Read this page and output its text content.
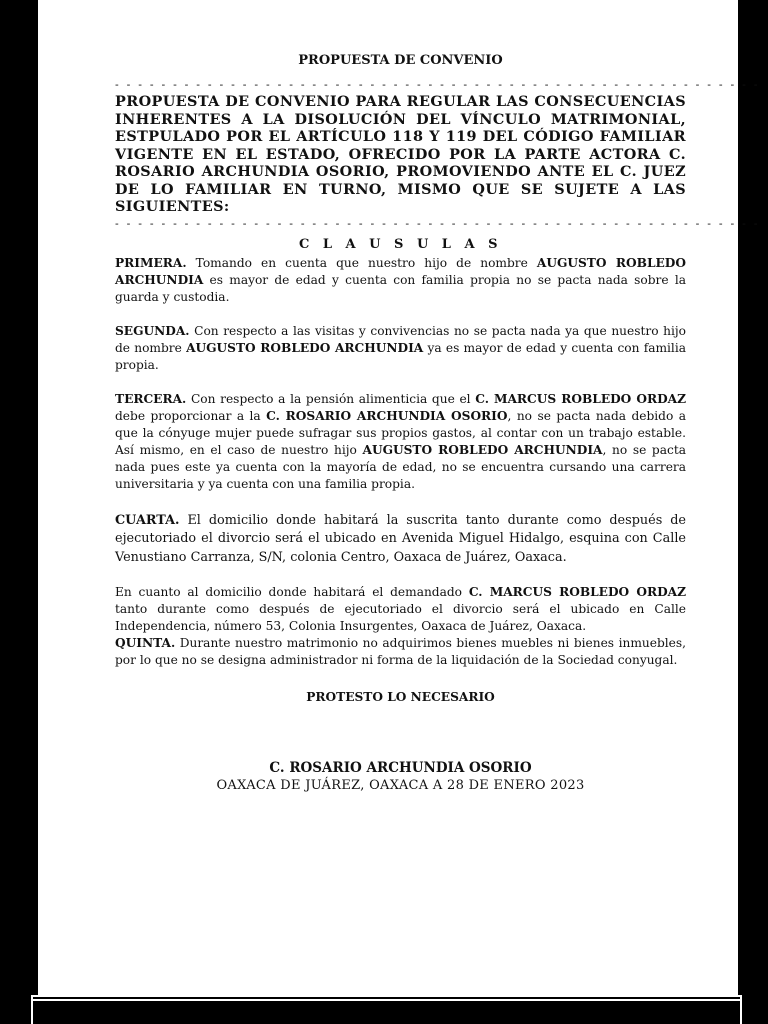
PROPUESTA DE CONVENIO
- - - - - - - - - - - - - - - - - - - - - - - - - - - - - - - - - - - - - - - - - - - - - - - - - - - - - - - -
PROPUESTA DE CONVENIO PARA REGULAR LAS CONSECUENCIAS INHERENTES A LA DISOLUCIÓN DEL VÍNCULO MATRIMONIAL, ESTPULADO POR EL ARTÍCULO 118 Y 119 DEL CÓDIGO FAMILIAR VIGENTE EN EL ESTADO, OFRECIDO POR LA PARTE ACTORA C. ROSARIO ARCHUNDIA OSORIO, PROMOVIENDO ANTE EL C. JUEZ DE LO FAMILIAR EN TURNO, MISMO QUE SE SUJETE A LAS SIGUIENTES:
- - - - - - - - - - - - - - - - - - - - - - - - - - - - - - - - - - - - - - - - - - - - - - - - - - - - - - - -
C L A U S U L A S

PRIMERA. Tomando en cuenta que nuestro hijo de nombre AUGUSTO ROBLEDO ARCHUNDIA es mayor de edad y cuenta con familia propia no se pacta nada sobre la guarda y custodia.

SEGUNDA. Con respecto a las visitas y convivencias no se pacta nada ya que nuestro hijo de nombre AUGUSTO ROBLEDO ARCHUNDIA ya es mayor de edad y cuenta con familia propia.

TERCERA. Con respecto a la pensión alimenticia que el C. MARCUS ROBLEDO ORDAZ debe proporcionar a la C. ROSARIO ARCHUNDIA OSORIO, no se pacta nada debido a que la cónyuge mujer puede sufragar sus propios gastos, al contar con un trabajo estable. Así mismo, en el caso de nuestro hijo AUGUSTO ROBLEDO ARCHUNDIA, no se pacta nada pues este ya cuenta con la mayoría de edad, no se encuentra cursando una carrera universitaria y ya cuenta con una familia propia.

CUARTA. El domicilio donde habitará la suscrita tanto durante como después de ejecutoriado el divorcio será el ubicado en Avenida Miguel Hidalgo, esquina con Calle Venustiano Carranza, S/N, colonia Centro, Oaxaca de Juárez, Oaxaca.

En cuanto al domicilio donde habitará el demandado C. MARCUS ROBLEDO ORDAZ tanto durante como después de ejecutoriado el divorcio será el ubicado en Calle Independencia, número 53, Colonia Insurgentes, Oaxaca de Juárez, Oaxaca.

QUINTA. Durante nuestro matrimonio no adquirimos bienes muebles ni bienes inmuebles, por lo que no se designa administrador ni forma de la liquidación de la Sociedad conyugal.

PROTESTO LO NECESARIO
C. ROSARIO ARCHUNDIA OSORIO
OAXACA DE JUÁREZ, OAXACA A 28 DE ENERO 2023
